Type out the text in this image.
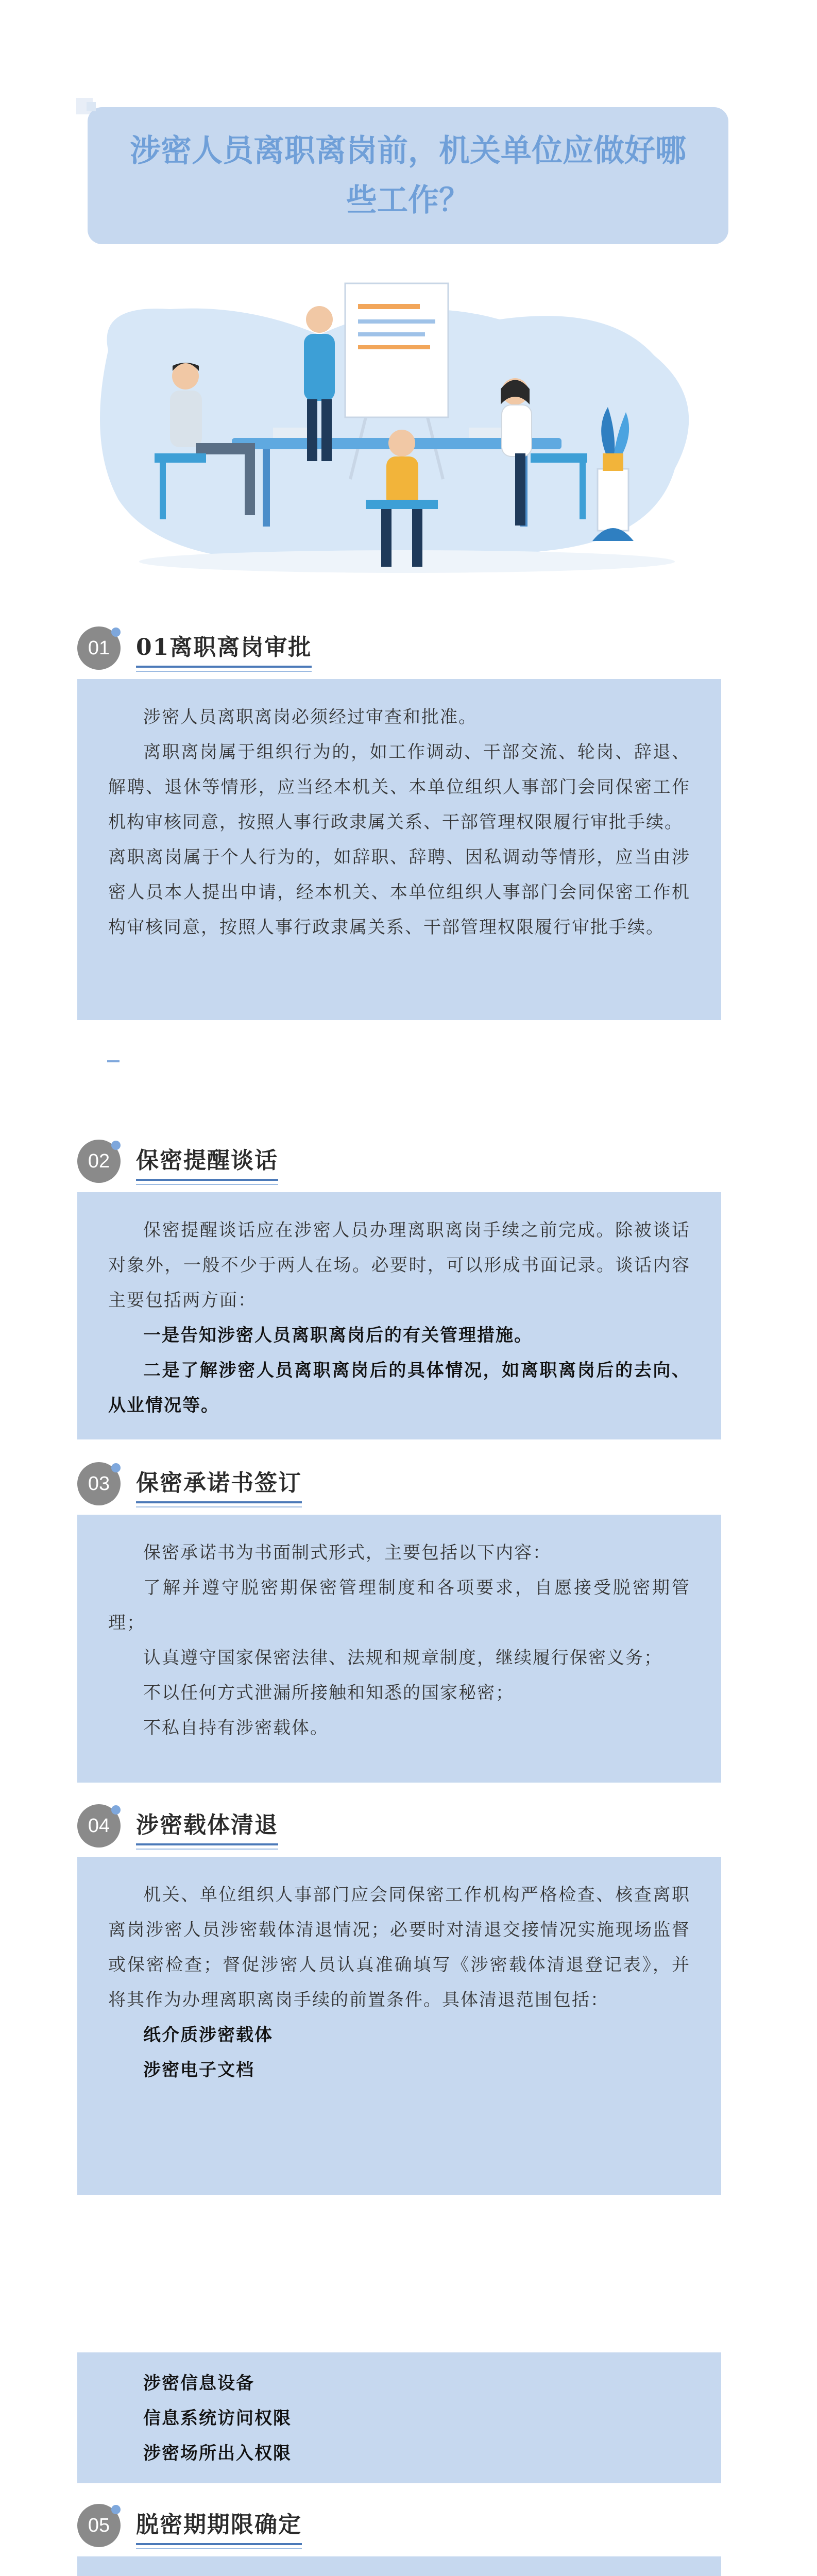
涉密人员离职离岗前，机关单位应做好哪些工作？
01 01离职离岗审批

涉密人员离职离岗必须经过审查和批准。

离职离岗属于组织行为的，如工作调动、干部交流、轮岗、辞退、解聘、退休等情形，应当经本机关、本单位组织人事部门会同保密工作机构审核同意，按照人事行政隶属关系、干部管理权限履行审批手续。

离职离岗属于个人行为的，如辞职、辞聘、因私调动等情形，应当由涉密人员本人提出申请，经本机关、本单位组织人事部门会同保密工作机构审核同意，按照人事行政隶属关系、干部管理权限履行审批手续。

02 保密提醒谈话

保密提醒谈话应在涉密人员办理离职离岗手续之前完成。除被谈话对象外，一般不少于两人在场。必要时，可以形成书面记录。谈话内容主要包括两方面：

一是告知涉密人员离职离岗后的有关管理措施。

二是了解涉密人员离职离岗后的具体情况，如离职离岗后的去向、从业情况等。

03 保密承诺书签订

保密承诺书为书面制式形式，主要包括以下内容：

了解并遵守脱密期保密管理制度和各项要求，自愿接受脱密期管理；

认真遵守国家保密法律、法规和规章制度，继续履行保密义务；

不以任何方式泄漏所接触和知悉的国家秘密；

不私自持有涉密载体。

04 涉密载体清退

机关、单位组织人事部门应会同保密工作机构严格检查、核查离职离岗涉密人员涉密载体清退情况；必要时对清退交接情况实施现场监督或保密检查；督促涉密人员认真准确填写《涉密载体清退登记表》，并将其作为办理离职离岗手续的前置条件。具体清退范围包括：

纸介质涉密载体

涉密电子文档

涉密信息设备

信息系统访问权限

涉密场所出入权限

05 脱密期期限确定
